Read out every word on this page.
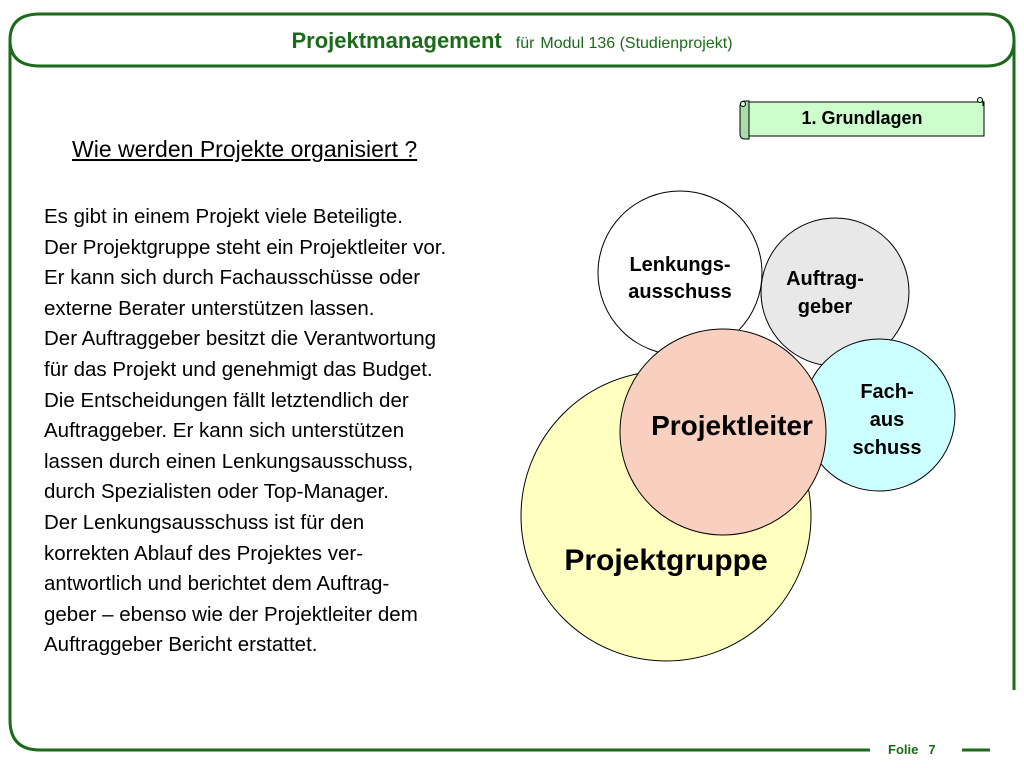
Projektmanagement für Modul 136 (Studienprojekt)
1. Grundlagen
Wie werden Projekte organisiert ?
Es gibt in einem Projekt viele Beteiligte.
Der Projektgruppe steht ein Projektleiter vor.
Er kann sich durch Fachausschüsse oder
externe Berater unterstützen lassen.
Der Auftraggeber besitzt die Verantwortung
für das Projekt und genehmigt das Budget.
Die Entscheidungen fällt letztendlich der
Auftraggeber. Er kann sich unterstützen
lassen durch einen Lenkungsausschuss,
durch Spezialisten oder Top-Manager.
Der Lenkungsausschuss ist für den
korrekten Ablauf des Projektes ver-
antwortlich und berichtet dem Auftrag-
geber – ebenso wie der Projektleiter dem
Auftraggeber Bericht erstattet.
Lenkungs-
ausschuss
Auftrag-
geber
Fach-
aus
schuss
Projektleiter
Projektgruppe
Folie 7
